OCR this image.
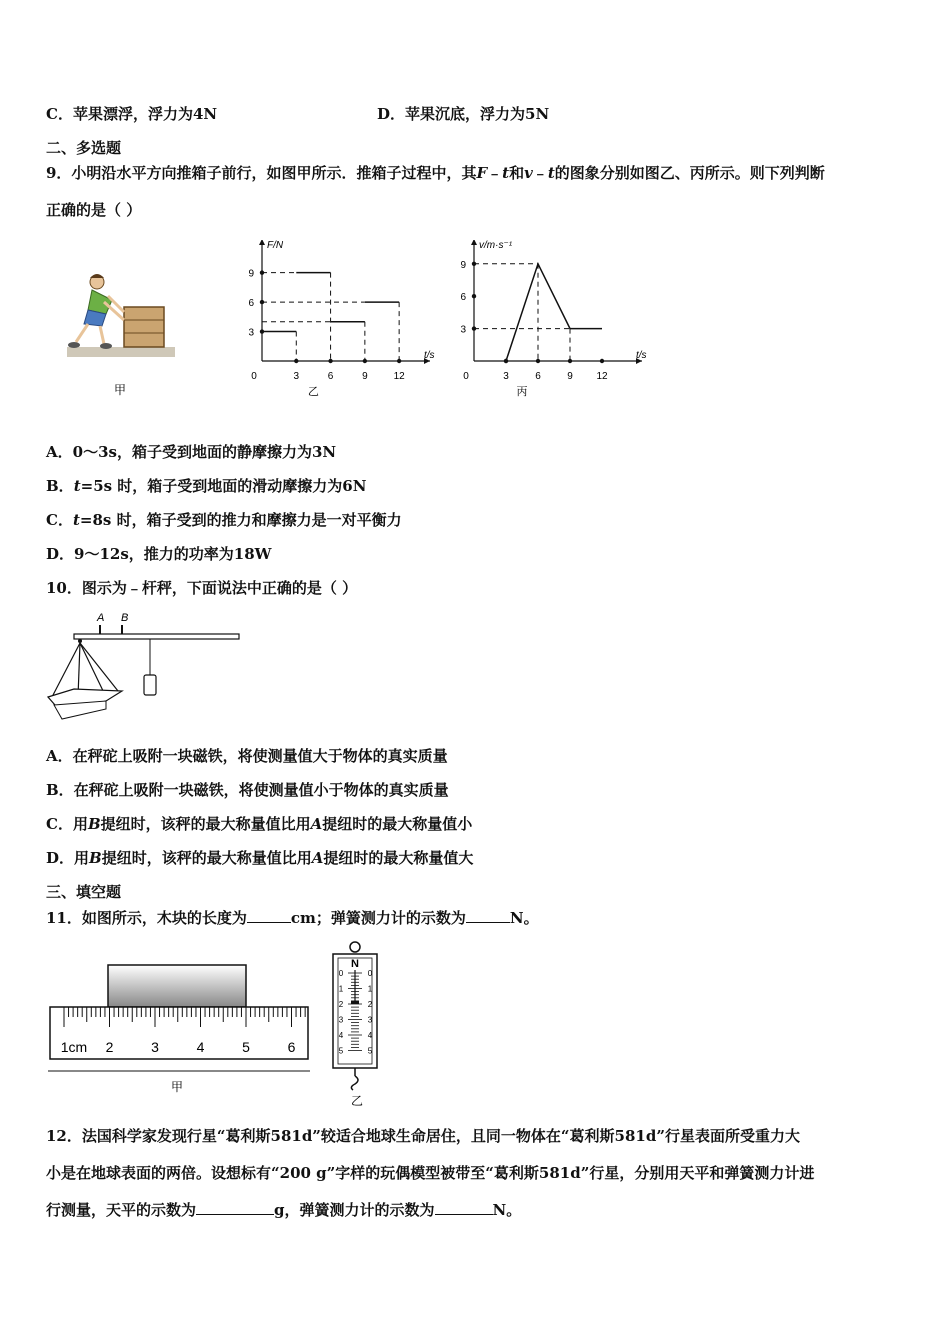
C．苹果漂浮，浮力为4N	D．苹果沉底，浮力为5N
二、多选题
9．小明沿水平方向推箱子前行，如图甲所示．推箱子过程中，其F﹣t和v﹣t的图象分别如图乙、丙所示。则下列判断
正确的是（ ）
甲
F/N
t/s
0	3	6	9	12
3
6
9
乙
v/m·s⁻¹
t/s
0	3	6	9 12
3
6
9
丙
A．0～3s，箱子受到地面的静摩擦力为3N
B．t=5s 时，箱子受到地面的滑动摩擦力为6N
C．t=8s 时，箱子受到的推力和摩擦力是一对平衡力
D．9～12s，推力的功率为18W
10．图示为﹣杆秤，下面说法中正确的是（ ）
A B
A．在秤砣上吸附一块磁铁，将使测量值大于物体的真实质量
B．在秤砣上吸附一块磁铁，将使测量值小于物体的真实质量
C．用B提纽时，该秤的最大称量值比用A提纽时的最大称量值小
D．用B提纽时，该秤的最大称量值比用A提纽时的最大称量值大
三、填空题
11．如图所示，木块的长度为	cm；弹簧测力计的示数为	N。
1cm 2	3	4	5	6
甲
N
0	0
1	1
2	2
3	3
4	4
5	5
乙
12．法国科学家发现行星“葛利斯581d”较适合地球生命居住，且同一物体在“葛利斯581d”行星表面所受重力大
小是在地球表面的两倍。设想标有“200 g”字样的玩偶模型被带至“葛利斯581d”行星，分别用天平和弹簧测力计进
行测量，天平的示数为	g，弹簧测力计的示数为	N。
